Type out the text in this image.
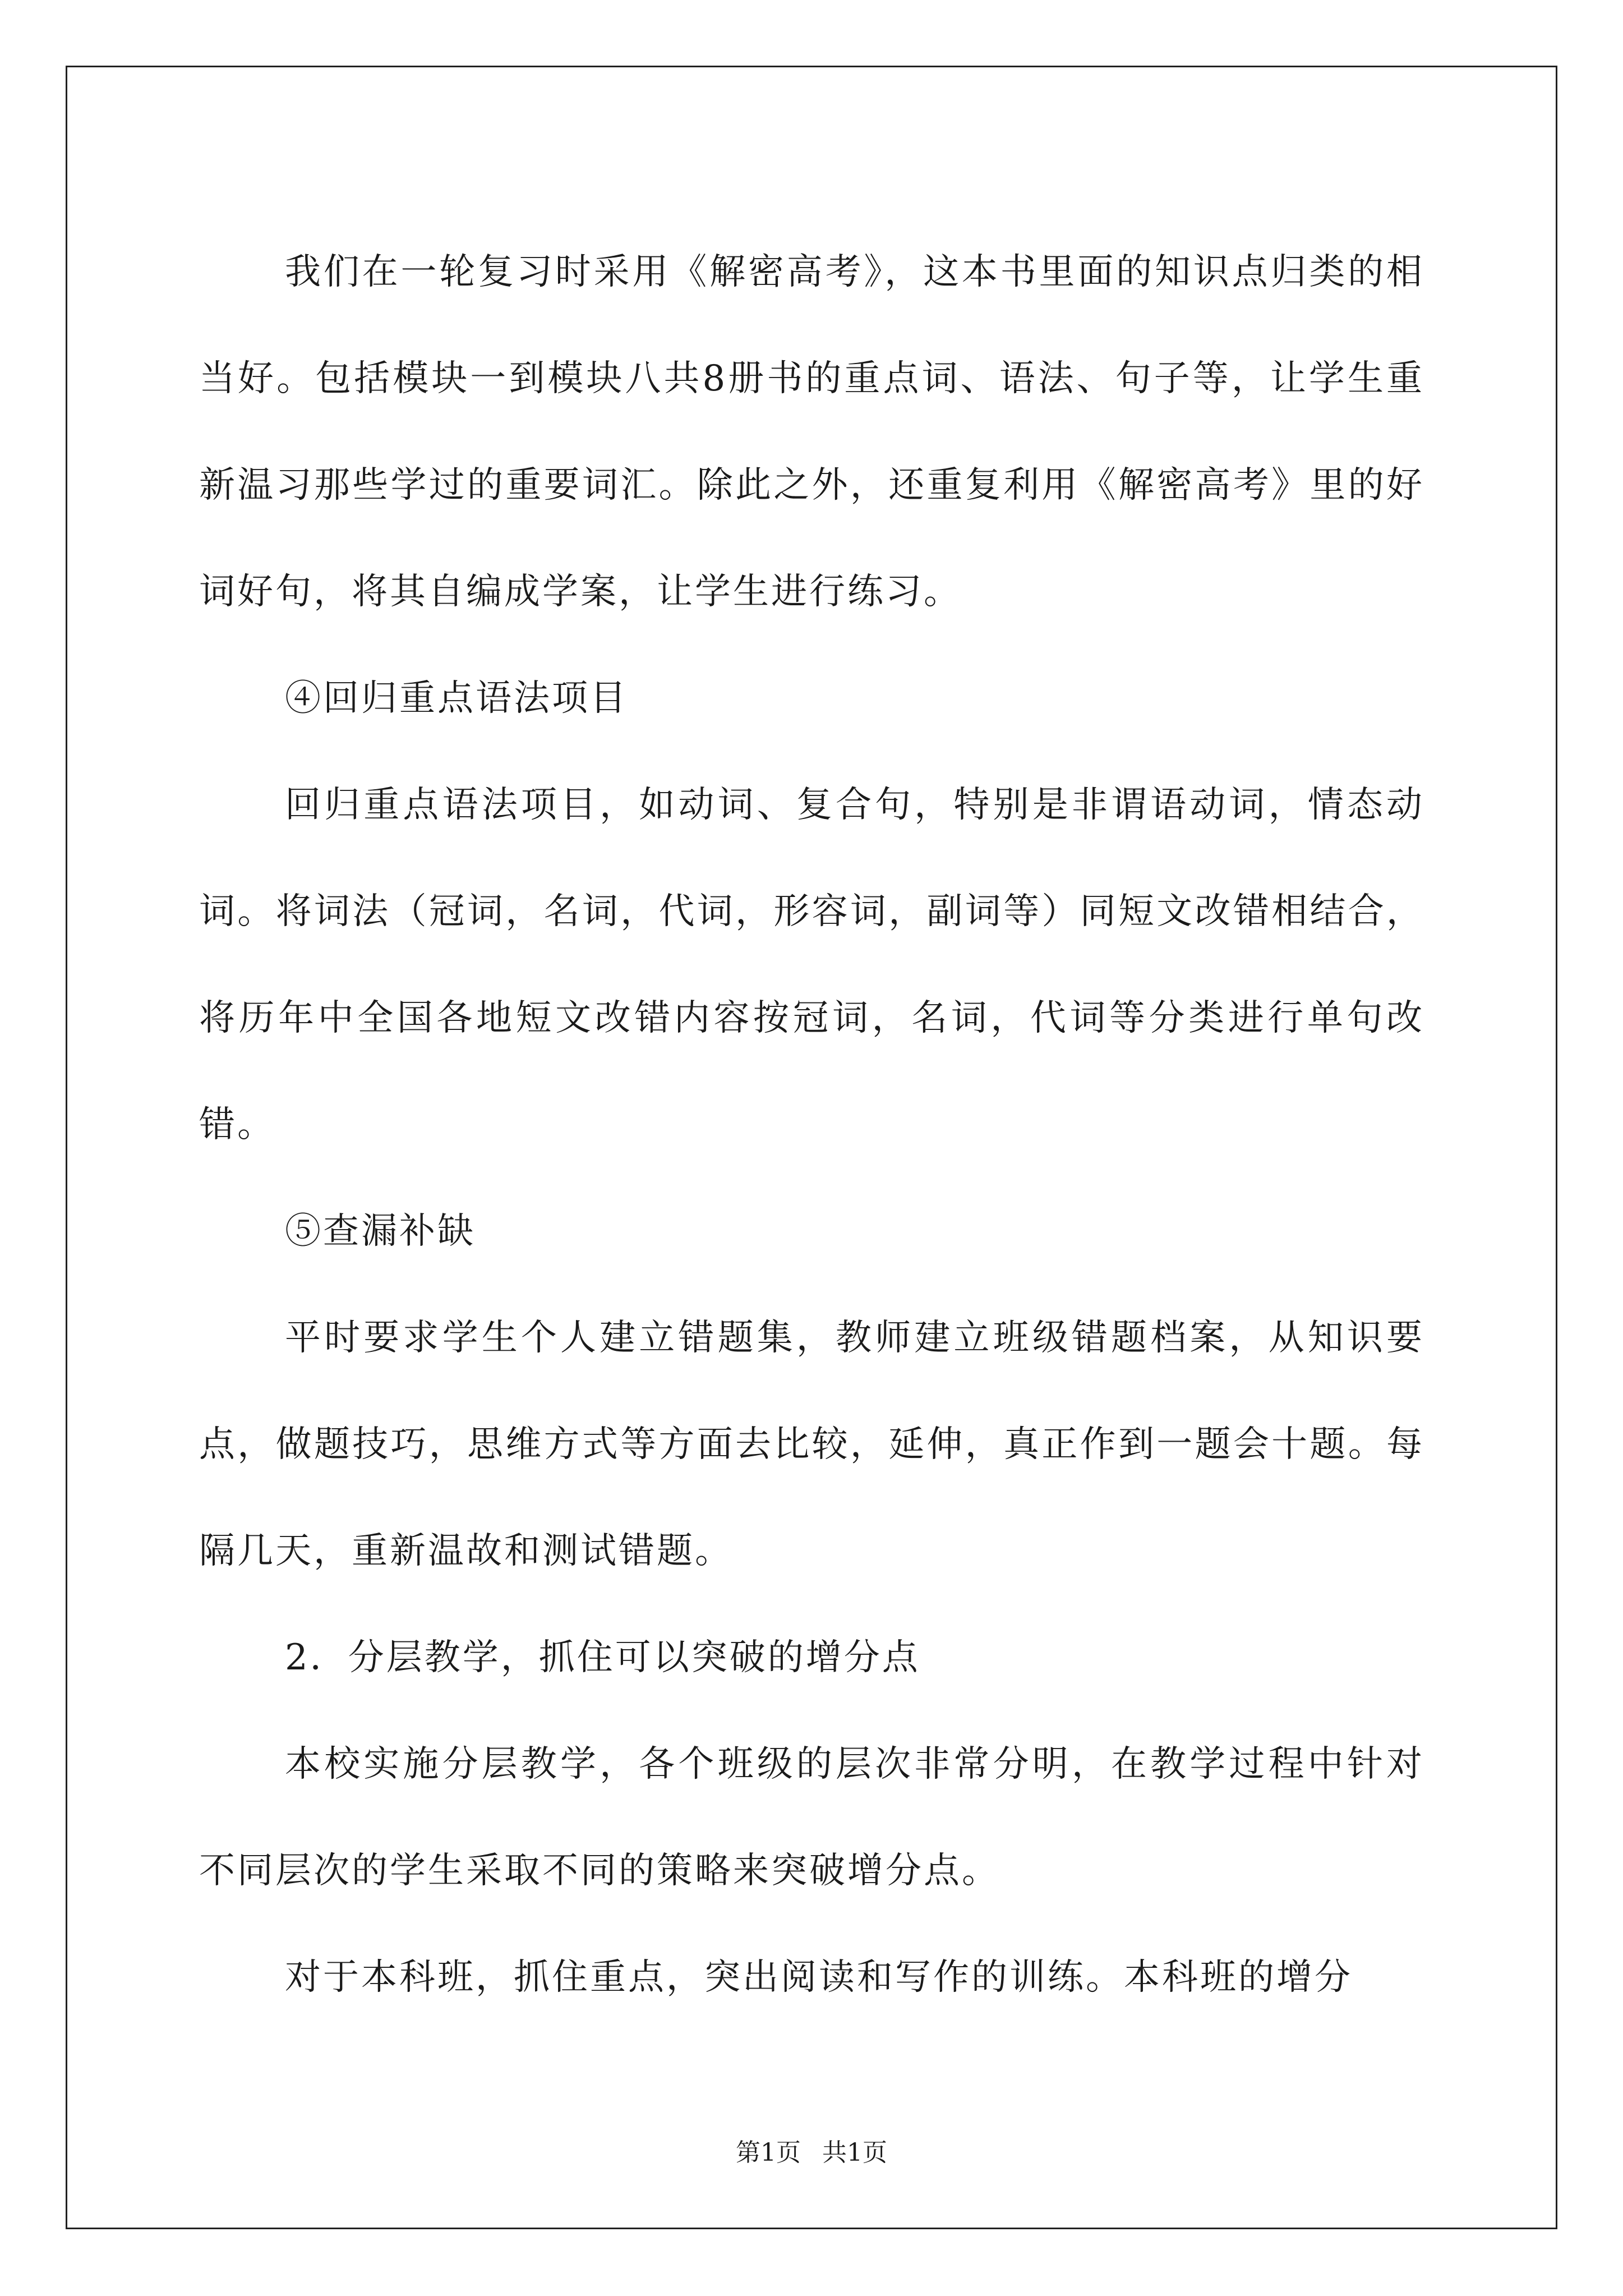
我们在一轮复习时采用《解密高考》，这本书里面的知识点归类的相当好。包括模块一到模块八共8册书的重点词、语法、句子等，让学生重新温习那些学过的重要词汇。除此之外，还重复利用《解密高考》里的好词好句，将其自编成学案，让学生进行练习。

④回归重点语法项目

回归重点语法项目，如动词、复合句，特别是非谓语动词，情态动词。将词法（冠词，名词，代词，形容词，副词等）同短文改错相结合，将历年中全国各地短文改错内容按冠词，名词，代词等分类进行单句改错。

⑤查漏补缺

平时要求学生个人建立错题集，教师建立班级错题档案，从知识要点，做题技巧，思维方式等方面去比较，延伸，真正作到一题会十题。每隔几天，重新温故和测试错题。

2．分层教学，抓住可以突破的增分点

本校实施分层教学，各个班级的层次非常分明，在教学过程中针对不同层次的学生采取不同的策略来突破增分点。

对于本科班，抓住重点，突出阅读和写作的训练。本科班的增分

第1页 共1页
